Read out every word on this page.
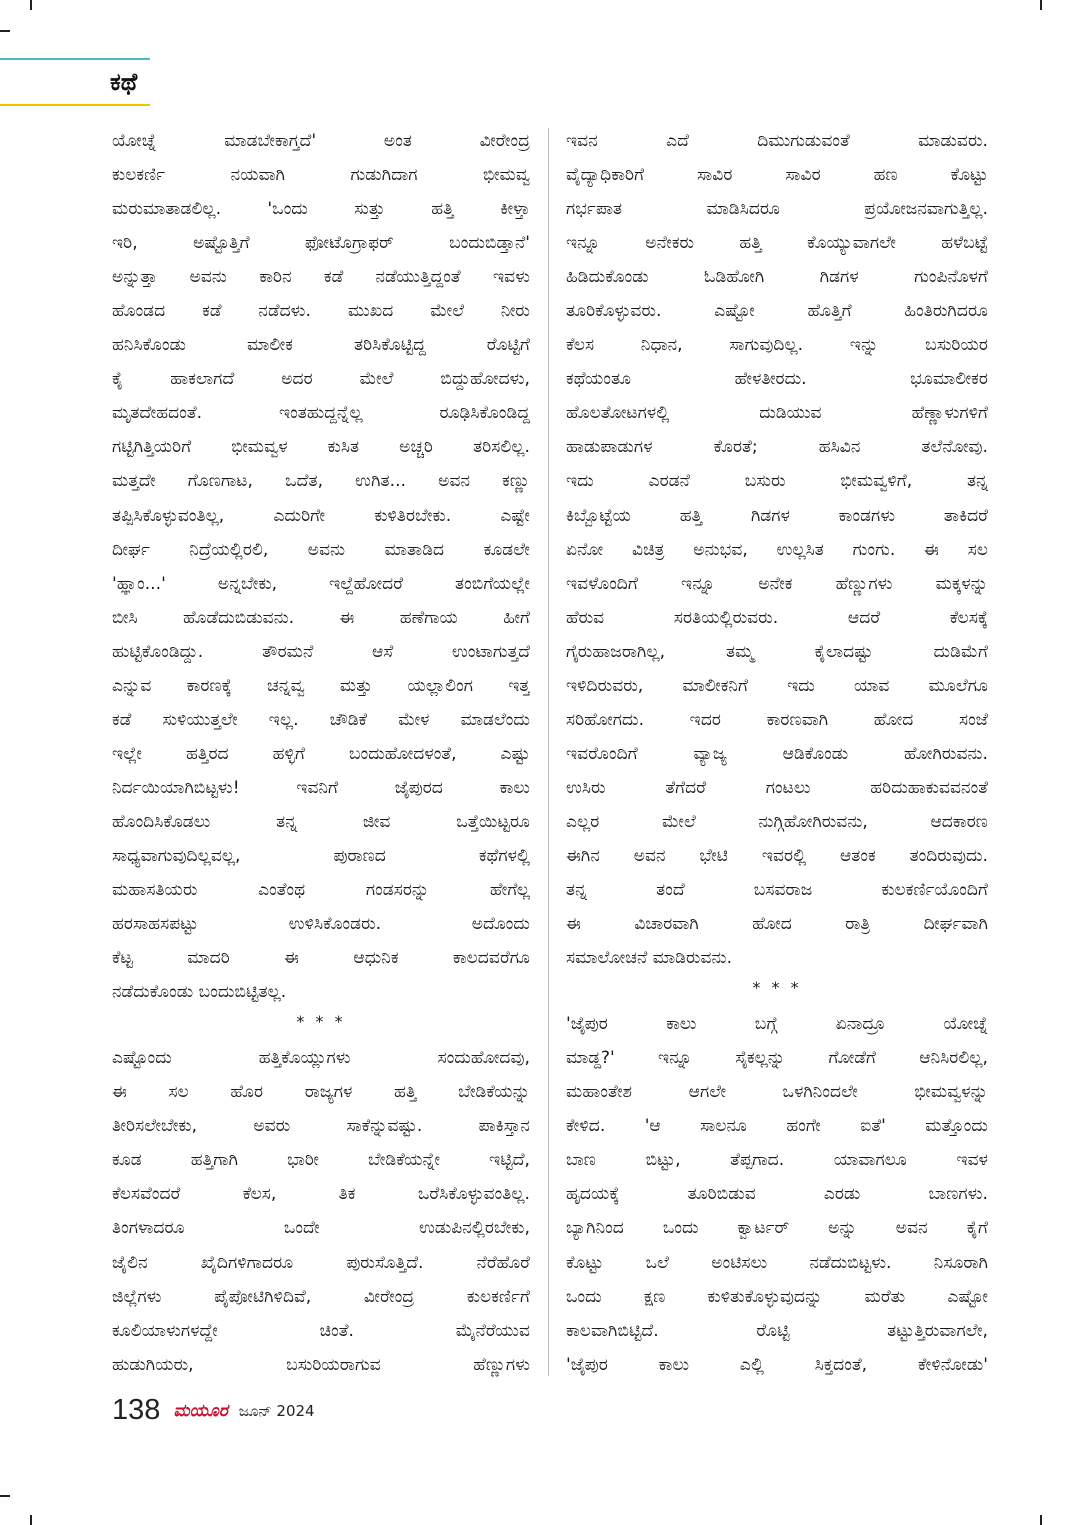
ಕಥೆ
ಯೋಚ್ನೆ ಮಾಡಬೇಕಾಗ್ತದೆ' ಅಂತ ವೀರೇಂದ್ರ
ಕುಲಕರ್ಣಿ ನಯವಾಗಿ ಗುಡುಗಿದಾಗ ಭೀಮವ್ವ
ಮರುಮಾತಾಡಲಿಲ್ಲ. 'ಒಂದು ಸುತ್ತು ಹತ್ತಿ ಕೀಳ್ತಾ
ಇರಿ, ಅಷ್ಟೊತ್ತಿಗೆ ಫೋಟೊಗ್ರಾಫರ್ ಬಂದುಬಿಡ್ತಾನೆ'
ಅನ್ನುತ್ತಾ ಅವನು ಕಾರಿನ ಕಡೆ ನಡೆಯುತ್ತಿದ್ದಂತೆ ಇವಳು
ಹೊಂಡದ ಕಡೆ ನಡೆದಳು. ಮುಖದ ಮೇಲೆ ನೀರು
ಹನಿಸಿಕೊಂಡು ಮಾಲೀಕ ತರಿಸಿಕೊಟ್ಟಿದ್ದ ರೊಟ್ಟಿಗೆ
ಕೈ ಹಾಕಲಾಗದೆ ಅದರ ಮೇಲೆ ಬಿದ್ದುಹೋದಳು,
ಮೃತದೇಹದಂತೆ. ಇಂತಹುದ್ದನ್ನೆಲ್ಲ ರೂಢಿಸಿಕೊಂಡಿದ್ದ
ಗಟ್ಟಿಗಿತ್ತಿಯರಿಗೆ ಭೀಮವ್ವಳ ಕುಸಿತ ಅಚ್ಚರಿ ತರಿಸಲಿಲ್ಲ.
ಮತ್ತದೇ ಗೊಣಗಾಟ, ಒದೆತ, ಉಗಿತ... ಅವನ ಕಣ್ಣು
ತಪ್ಪಿಸಿಕೊಳ್ಳುವಂತಿಲ್ಲ, ಎದುರಿಗೇ ಕುಳಿತಿರಬೇಕು. ಎಷ್ಟೇ
ದೀರ್ಘ ನಿದ್ರೆಯಲ್ಲಿರಲಿ, ಅವನು ಮಾತಾಡಿದ ಕೂಡಲೇ
'ಹ್ಞಾಂ...' ಅನ್ನಬೇಕು, ಇಲ್ದೆಹೋದರೆ ತಂಬಿಗೆಯಲ್ಲೇ
ಬೀಸಿ ಹೊಡೆದುಬಿಡುವನು. ಈ ಹಣೆಗಾಯ ಹೀಗೆ
ಹುಟ್ಟಿಕೊಂಡಿದ್ದು. ತೌರಮನೆ ಆಸೆ ಉಂಟಾಗುತ್ತದೆ
ಎನ್ನುವ ಕಾರಣಕ್ಕೆ ಚನ್ನವ್ವ ಮತ್ತು ಯಲ್ಲಾಲಿಂಗ ಇತ್ತ
ಕಡೆ ಸುಳಿಯುತ್ತಲೇ ಇಲ್ಲ. ಚೌಡಿಕೆ ಮೇಳ ಮಾಡಲೆಂದು
ಇಲ್ಲೇ ಹತ್ತಿರದ ಹಳ್ಳಿಗೆ ಬಂದುಹೋದಳಂತೆ, ಎಷ್ಟು
ನಿರ್ದಯಿಯಾಗಿಬಿಟ್ಟಳು! ಇವನಿಗೆ ಜೈಪುರದ ಕಾಲು
ಹೊಂದಿಸಿಕೊಡಲು ತನ್ನ ಜೀವ ಒತ್ತೆಯಿಟ್ಟರೂ
ಸಾಧ್ಯವಾಗುವುದಿಲ್ಲವಲ್ಲ, ಪುರಾಣದ ಕಥೆಗಳಲ್ಲಿ
ಮಹಾಸತಿಯರು ಎಂತೆಂಥ ಗಂಡಸರನ್ನು ಹೇಗೆಲ್ಲ
ಹರಸಾಹಸಪಟ್ಟು ಉಳಿಸಿಕೊಂಡರು. ಅದೊಂದು
ಕೆಟ್ಟ ಮಾದರಿ ಈ ಆಧುನಿಕ ಕಾಲದವರೆಗೂ
ನಡೆದುಕೊಂಡು ಬಂದುಬಿಟ್ಟಿತಲ್ಲ.
* * *
ಎಷ್ಟೊಂದು ಹತ್ತಿಕೊಯ್ಲುಗಳು ಸಂದುಹೋದವು,
ಈ ಸಲ ಹೊರ ರಾಜ್ಯಗಳ ಹತ್ತಿ ಬೇಡಿಕೆಯನ್ನು
ತೀರಿಸಲೇಬೇಕು, ಅವರು ಸಾಕೆನ್ನುವಷ್ಟು. ಪಾಕಿಸ್ತಾನ
ಕೂಡ ಹತ್ತಿಗಾಗಿ ಭಾರೀ ಬೇಡಿಕೆಯನ್ನೇ ಇಟ್ಟಿದೆ,
ಕೆಲಸವೆಂದರೆ ಕೆಲಸ, ತಿಕ ಒರೆಸಿಕೊಳ್ಳುವಂತಿಲ್ಲ.
ತಿಂಗಳಾದರೂ ಒಂದೇ ಉಡುಪಿನಲ್ಲಿರಬೇಕು,
ಜೈಲಿನ ಖೈದಿಗಳಿಗಾದರೂ ಪುರುಸೊತ್ತಿದೆ. ನೆರೆಹೊರೆ
ಜಿಲ್ಲೆಗಳು ಪೈಪೋಟಿಗಿಳಿದಿವೆ, ವೀರೇಂದ್ರ ಕುಲಕರ್ಣಿಗೆ
ಕೂಲಿಯಾಳುಗಳದ್ದೇ ಚಿಂತೆ. ಮೈನೆರೆಯುವ
ಹುಡುಗಿಯರು, ಬಸುರಿಯರಾಗುವ ಹೆಣ್ಣುಗಳು
ಇವನ ಎದೆ ದಿಮುಗುಡುವಂತೆ ಮಾಡುವರು.
ವೈದ್ಯಾಧಿಕಾರಿಗೆ ಸಾವಿರ ಸಾವಿರ ಹಣ ಕೊಟ್ಟು
ಗರ್ಭಪಾತ ಮಾಡಿಸಿದರೂ ಪ್ರಯೋಜನವಾಗುತ್ತಿಲ್ಲ.
ಇನ್ನೂ ಅನೇಕರು ಹತ್ತಿ ಕೊಯ್ಯುವಾಗಲೇ ಹಳೆಬಟ್ಟೆ
ಹಿಡಿದುಕೊಂಡು ಓಡಿಹೋಗಿ ಗಿಡಗಳ ಗುಂಪಿನೊಳಗೆ
ತೂರಿಕೊಳ್ಳುವರು. ಎಷ್ಟೋ ಹೊತ್ತಿಗೆ ಹಿಂತಿರುಗಿದರೂ
ಕೆಲಸ ನಿಧಾನ, ಸಾಗುವುದಿಲ್ಲ. ಇನ್ನು ಬಸುರಿಯರ
ಕಥೆಯಂತೂ ಹೇಳತೀರದು. ಭೂಮಾಲೀಕರ
ಹೊಲತೋಟಗಳಲ್ಲಿ ದುಡಿಯುವ ಹೆಣ್ಣಾಳುಗಳಿಗೆ
ಹಾಡುಪಾಡುಗಳ ಕೊರತೆ; ಹಸಿವಿನ ತಲೆನೋವು.
ಇದು ಎರಡನೆ ಬಸುರು ಭೀಮವ್ವಳಿಗೆ, ತನ್ನ
ಕಿಬ್ಬೊಟ್ಟೆಯ ಹತ್ತಿ ಗಿಡಗಳ ಕಾಂಡಗಳು ತಾಕಿದರೆ
ಏನೋ ವಿಚಿತ್ರ ಅನುಭವ, ಉಲ್ಲಸಿತ ಗುಂಗು. ಈ ಸಲ
ಇವಳೊಂದಿಗೆ ಇನ್ನೂ ಅನೇಕ ಹೆಣ್ಣುಗಳು ಮಕ್ಕಳನ್ನು
ಹೆರುವ ಸರತಿಯಲ್ಲಿರುವರು. ಆದರೆ ಕೆಲಸಕ್ಕೆ
ಗೈರುಹಾಜರಾಗಿಲ್ಲ, ತಮ್ಮ ಕೈಲಾದಷ್ಟು ದುಡಿಮೆಗೆ
ಇಳಿದಿರುವರು, ಮಾಲೀಕನಿಗೆ ಇದು ಯಾವ ಮೂಲೆಗೂ
ಸರಿಹೋಗದು. ಇದರ ಕಾರಣವಾಗಿ ಹೋದ ಸಂಜೆ
ಇವರೊಂದಿಗೆ ವ್ಯಾಜ್ಯ ಆಡಿಕೊಂಡು ಹೋಗಿರುವನು.
ಉಸಿರು ತೆಗೆದರೆ ಗಂಟಲು ಹರಿದುಹಾಕುವವನಂತೆ
ಎಲ್ಲರ ಮೇಲೆ ನುಗ್ಗಿಹೋಗಿರುವನು, ಆದಕಾರಣ
ಈಗಿನ ಅವನ ಭೇಟಿ ಇವರಲ್ಲಿ ಆತಂಕ ತಂದಿರುವುದು.
ತನ್ನ ತಂದೆ ಬಸವರಾಜ ಕುಲಕರ್ಣಿಯೊಂದಿಗೆ
ಈ ವಿಚಾರವಾಗಿ ಹೋದ ರಾತ್ರಿ ದೀರ್ಘವಾಗಿ
ಸಮಾಲೋಚನೆ ಮಾಡಿರುವನು.
* * *
'ಜೈಪುರ ಕಾಲು ಬಗ್ಗೆ ಏನಾದ್ರೂ ಯೋಚ್ನೆ
ಮಾಡ್ದ?' ಇನ್ನೂ ಸೈಕಲ್ಲನ್ನು ಗೋಡೆಗೆ ಆನಿಸಿರಲಿಲ್ಲ,
ಮಹಾಂತೇಶ ಆಗಲೇ ಒಳಗಿನಿಂದಲೇ ಭೀಮವ್ವಳನ್ನು
ಕೇಳಿದ. 'ಆ ಸಾಲನೂ ಹಂಗೇ ಐತೆ' ಮತ್ತೊಂದು
ಬಾಣ ಬಿಟ್ಟು, ತೆಪ್ಪಗಾದ. ಯಾವಾಗಲೂ ಇವಳ
ಹೃದಯಕ್ಕೆ ತೂರಿಬಿಡುವ ಎರಡು ಬಾಣಗಳು.
ಬ್ಯಾಗಿನಿಂದ ಒಂದು ಕ್ವಾರ್ಟರ್ ಅನ್ನು ಅವನ ಕೈಗೆ
ಕೊಟ್ಟು ಒಲೆ ಅಂಟಿಸಲು ನಡೆದುಬಿಟ್ಟಳು. ನಿಸೂರಾಗಿ
ಒಂದು ಕ್ಷಣ ಕುಳಿತುಕೊಳ್ಳುವುದನ್ನು ಮರೆತು ಎಷ್ಟೋ
ಕಾಲವಾಗಿಬಿಟ್ಟಿದೆ. ರೊಟ್ಟಿ ತಟ್ಟುತ್ತಿರುವಾಗಲೇ,
'ಜೈಪುರ ಕಾಲು ಎಲ್ಲಿ ಸಿಕ್ತದಂತೆ, ಕೇಳಿನೋಡು'
138 ಮಯೂರ ಜೂನ್ 2024
